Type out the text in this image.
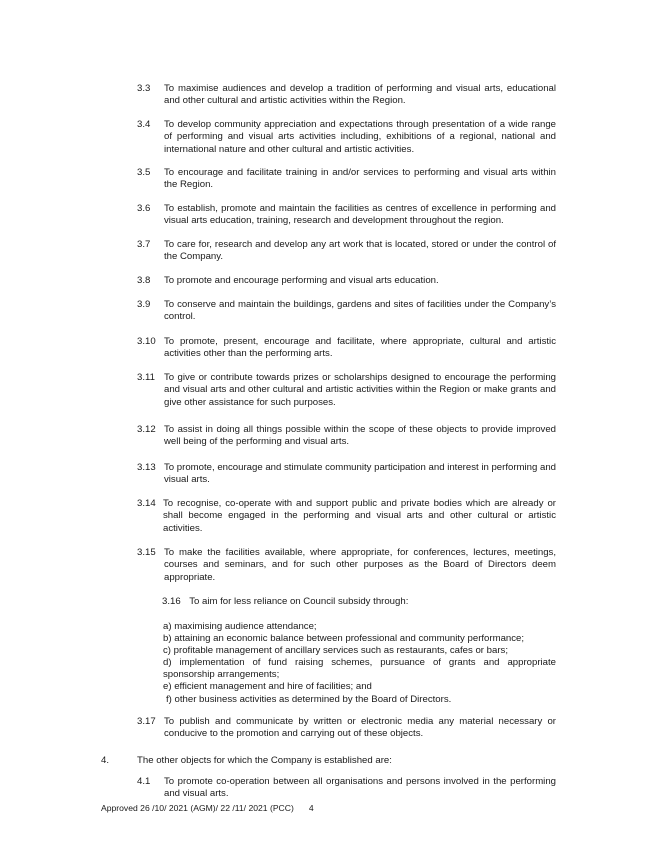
3.3 To maximise audiences and develop a tradition of performing and visual arts, educational and other cultural and artistic activities within the Region.
3.4 To develop community appreciation and expectations through presentation of a wide range of performing and visual arts activities including, exhibitions of a regional, national and international nature and other cultural and artistic activities.
3.5 To encourage and facilitate training in and/or services to performing and visual arts within the Region.
3.6 To establish, promote and maintain the facilities as centres of excellence in performing and visual arts education, training, research and development throughout the region.
3.7 To care for, research and develop any art work that is located, stored or under the control of the Company.
3.8 To promote and encourage performing and visual arts education.
3.9 To conserve and maintain the buildings, gardens and sites of facilities under the Company’s control.
3.10 To promote, present, encourage and facilitate, where appropriate, cultural and artistic activities other than the performing arts.
3.11 To give or contribute towards prizes or scholarships designed to encourage the performing and visual arts and other cultural and artistic activities within the Region or make grants and give other assistance for such purposes.
3.12 To assist in doing all things possible within the scope of these objects to provide improved well being of the performing and visual arts.
3.13 To promote, encourage and stimulate community participation and interest in performing and visual arts.
3.14 To recognise, co-operate with and support public and private bodies which are already or shall become engaged in the performing and visual arts and other cultural or artistic activities.
3.15 To make the facilities available, where appropriate, for conferences, lectures, meetings, courses and seminars, and for such other purposes as the Board of Directors deem appropriate.
3.16 To aim for less reliance on Council subsidy through:
a) maximising audience attendance;
b) attaining an economic balance between professional and community performance;
c) profitable management of ancillary services such as restaurants, cafes or bars;
d) implementation of fund raising schemes, pursuance of grants and appropriate sponsorship arrangements;
e) efficient management and hire of facilities; and
f) other business activities as determined by the Board of Directors.
3.17 To publish and communicate by written or electronic media any material necessary or conducive to the promotion and carrying out of these objects.
4.	The other objects for which the Company is established are:
4.1 To promote co-operation between all organisations and persons involved in the performing and visual arts.
Approved 26 /10/ 2021 (AGM)/ 22 /11/ 2021 (PCC) 4
